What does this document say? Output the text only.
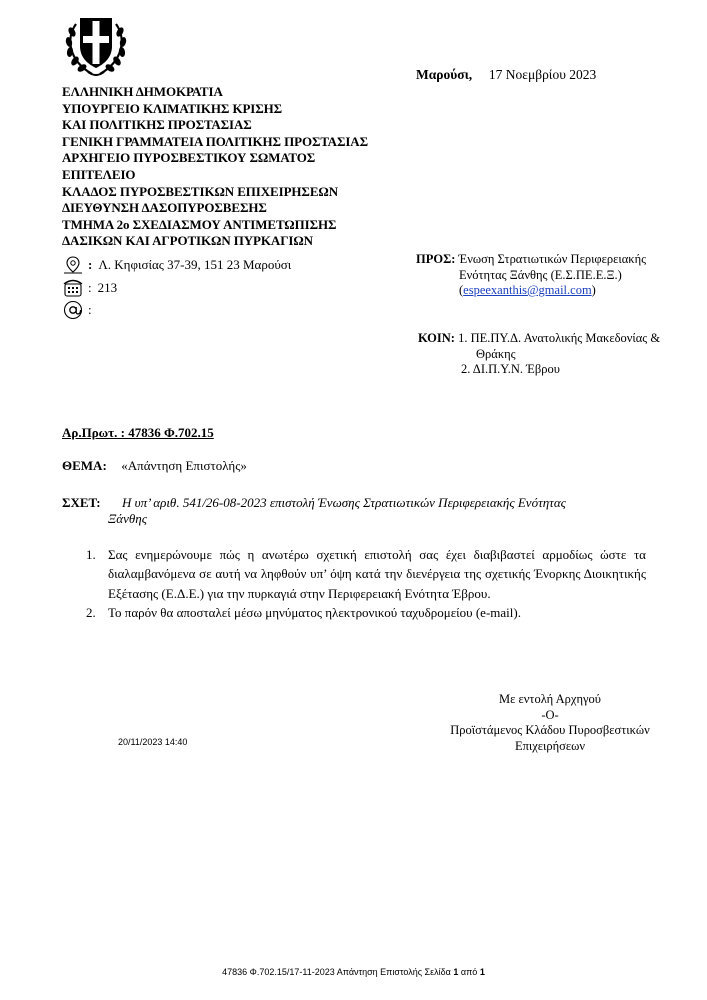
ΕΛΛΗΝΙΚΗ ΔΗΜΟΚΡΑΤΙΑ
ΥΠΟΥΡΓΕΙΟ ΚΛΙΜΑΤΙΚΗΣ ΚΡΙΣΗΣ
ΚΑΙ ΠΟΛΙΤΙΚΗΣ ΠΡΟΣΤΑΣΙΑΣ
ΓΕΝΙΚΗ ΓΡΑΜΜΑΤΕΙΑ ΠΟΛΙΤΙΚΗΣ ΠΡΟΣΤΑΣΙΑΣ
ΑΡΧΗΓΕΙΟ ΠΥΡΟΣΒΕΣΤΙΚΟΥ ΣΩΜΑΤΟΣ
ΕΠΙΤΕΛΕΙΟ
ΚΛΑΔΟΣ ΠΥΡΟΣΒΕΣΤΙΚΩΝ ΕΠΙΧΕΙΡΗΣΕΩΝ
ΔΙΕΥΘΥΝΣΗ ΔΑΣΟΠΥΡΟΣΒΕΣΗΣ
ΤΜΗΜΑ 2ο ΣΧΕΔΙΑΣΜΟΥ ΑΝΤΙΜΕΤΩΠΙΣΗΣ
ΔΑΣΙΚΩΝ ΚΑΙ ΑΓΡΟΤΙΚΩΝ ΠΥΡΚΑΓΙΩΝ
: Λ. Κηφισίας 37-39, 151 23 Μαρούσι
: 213
:
Μαρούσι, 17 Νοεμβρίου 2023
ΠΡΟΣ: Ένωση Στρατιωτικών Περιφερειακής
Ενότητας Ξάνθης (Ε.Σ.ΠΕ.Ε.Ξ.)
(espeexanthis@gmail.com)
ΚΟΙΝ: 1. ΠΕ.ΠΥ.Δ. Ανατολικής Μακεδονίας &
Θράκης
2. ΔΙ.Π.Υ.Ν. Έβρου
Αρ.Πρωτ. : 47836 Φ.702.15
ΘΕΜΑ: «Απάντηση Επιστολής»
ΣΧΕΤ: Η υπ’ αριθ. 541/26-08-2023 επιστολή Ένωσης Στρατιωτικών Περιφερειακής Ενότητας
Ξάνθης
1. Σας ενημερώνουμε πώς η ανωτέρω σχετική επιστολή σας έχει διαβιβαστεί αρμοδίως ώστε τα διαλαμβανόμενα σε αυτή να ληφθούν υπ’ όψη κατά την διενέργεια της σχετικής Ένορκης Διοικητικής Εξέτασης (Ε.Δ.Ε.) για την πυρκαγιά στην Περιφερειακή Ενότητα Έβρου.
2. Το παρόν θα αποσταλεί μέσω μηνύματος ηλεκτρονικού ταχυδρομείου (e-mail).
Με εντολή Αρχηγού
-Ο-
Προϊστάμενος Κλάδου Πυροσβεστικών
Επιχειρήσεων
20/11/2023 14:40
47836 Φ.702.15/17-11-2023 Απάντηση Επιστολής Σελίδα 1 από 1
